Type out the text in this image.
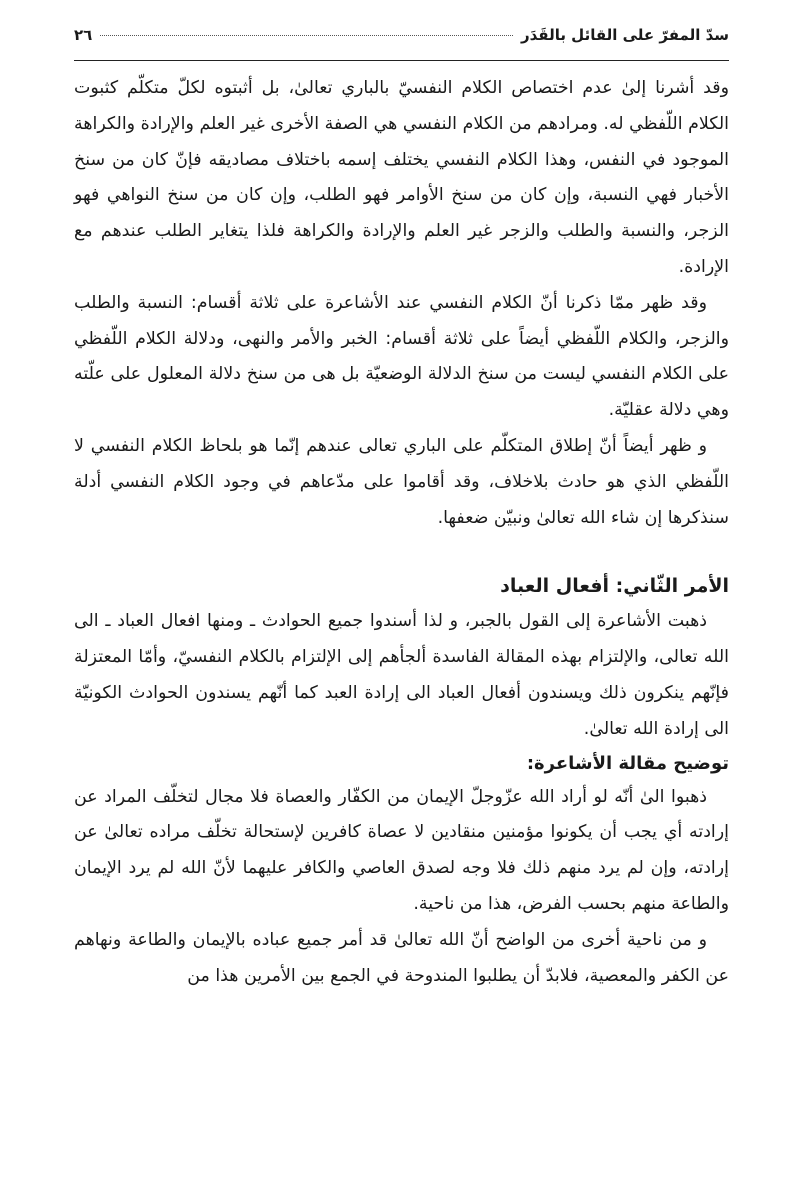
سدّ المفرّ على القائل بالقَدَر
٢٦

وقد أشرنا إلىٰ عدم اختصاص الكلام النفسيّ بالباري تعالىٰ، بل أثبتوه لكلّ متكلّم كثبوت الكلام اللّفظي له. ومرادهم من الكلام النفسي هي الصفة الأخرى غير العلم والإرادة والكراهة الموجود في النفس، وهذا الكلام النفسي يختلف إسمه باختلاف مصاديقه فإنّ كان من سنخ الأخبار فهي النسبة، وإن كان من سنخ الأوامر فهو الطلب، وإن كان من سنخ النواهي فهو الزجر، والنسبة والطلب والزجر غير العلم والإرادة والكراهة فلذا يتغاير الطلب عندهم مع الإرادة.

وقد ظهر ممّا ذكرنا أنّ الكلام النفسي عند الأشاعرة على ثلاثة أقسام: النسبة والطلب والزجر، والكلام اللّفظي أيضاً على ثلاثة أقسام: الخبر والأمر والنهى، ودلالة الكلام اللّفظي على الكلام النفسي ليست من سنخ الدلالة الوضعيّة بل هى من سنخ دلالة المعلول على علّته وهي دلالة عقليّة.

و ظهر أيضاً أنّ إطلاق المتكلّم على الباري تعالى عندهم إنّما هو بلحاظ الكلام النفسي لا اللّفظي الذي هو حادث بلاخلاف، وقد أقاموا على مدّعاهم في وجود الكلام النفسي أدلة سنذكرها إن شاء الله تعالىٰ ونبيّن ضعفها.

الأمر الثّاني: أفعال العباد

ذهبت الأشاعرة إلى القول بالجبر، و لذا أسندوا جميع الحوادث ـ ومنها افعال العباد ـ الى الله تعالى، والإلتزام بهذه المقالة الفاسدة ألجأهم إلى الإلتزام بالكلام النفسيّ، وأمّا المعتزلة فإنّهم ينكرون ذلك ويسندون أفعال العباد الى إرادة العبد كما أنّهم يسندون الحوادث الكونيّة الى إرادة الله تعالىٰ.

توضيح مقالة الأشاعرة:

ذهبوا الىٰ أنّه لو أراد الله عزّوجلّ الإيمان من الكفّار والعصاة فلا مجال لتخلّف المراد عن إرادته أي يجب أن يكونوا مؤمنين منقادين لا عصاة كافرين لإستحالة تخلّف مراده تعالىٰ عن إرادته، وإن لم يرد منهم ذلك فلا وجه لصدق العاصي والكافر عليهما لأنّ الله لم يرد الإيمان والطاعة منهم بحسب الفرض، هذا من ناحية.

و من ناحية أخرى من الواضح أنّ الله تعالىٰ قد أمر جميع عباده بالإيمان والطاعة ونهاهم عن الكفر والمعصية، فلابدّ أن يطلبوا المندوحة في الجمع بين الأمرين هذا من
